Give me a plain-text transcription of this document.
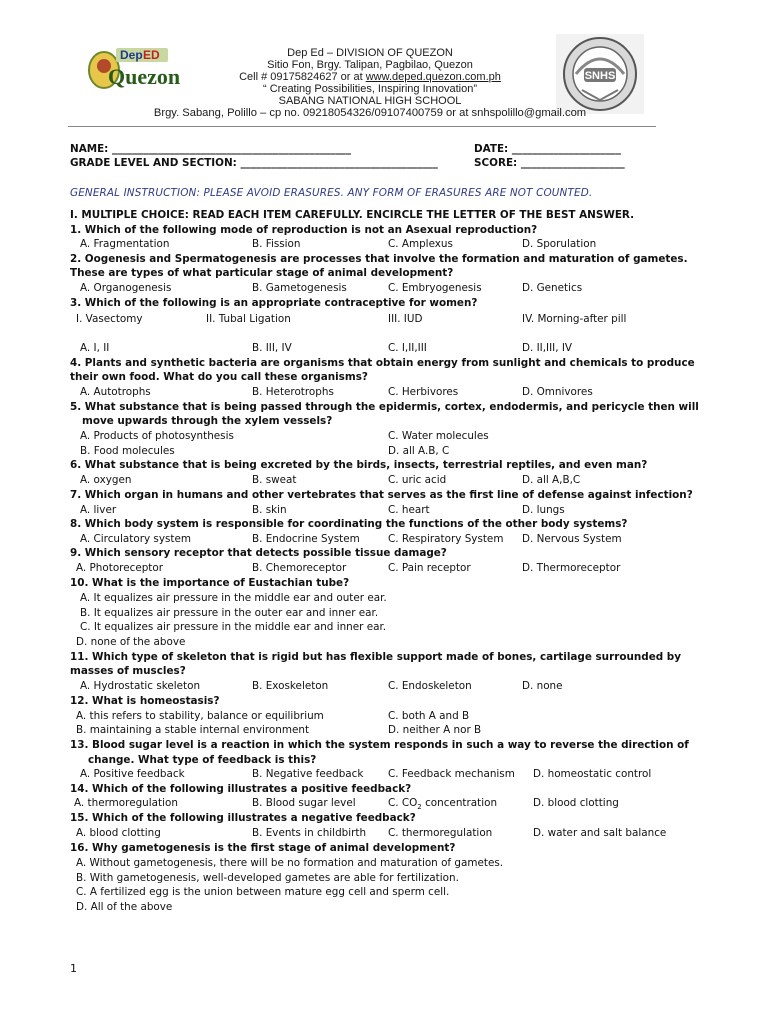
Dep ED
Quezon	SNHS
Dep Ed – DIVISION OF QUEZON
Sitio Fon, Brgy. Talipan, Pagbilao, Quezon
Cell # 09175824627 or at www.deped.quezon.com.ph
“ Creating Possibilities, Inspiring Innovation”
SABANG NATIONAL HIGH SCHOOL
Brgy. Sabang, Polillo – cp no. 09218054326/09107400759 or at snhspolillo@gmail.com
NAME: ______________________________________________	DATE: _____________________
GRADE LEVEL AND SECTION: ______________________________________	SCORE: ____________________
GENERAL INSTRUCTION: PLEASE AVOID ERASURES. ANY FORM OF ERASURES ARE NOT COUNTED.
I. MULTIPLE CHOICE: READ EACH ITEM CAREFULLY. ENCIRCLE THE LETTER OF THE BEST ANSWER.
1. Which of the following mode of reproduction is not an Asexual reproduction?
A. Fragmentation	B. Fission	C. Amplexus	D. Sporulation
2. Oogenesis and Spermatogenesis are processes that involve the formation and maturation of gametes.
These are types of what particular stage of animal development?
A. Organogenesis	B. Gametogenesis	C. Embryogenesis	D. Genetics
3. Which of the following is an appropriate contraceptive for women?
I. Vasectomy	II. Tubal Ligation	III. IUD	IV. Morning-after pill
A. I, II	B. III, IV	C. I,II,III	D. II,III, IV
4. Plants and synthetic bacteria are organisms that obtain energy from sunlight and chemicals to produce
their own food. What do you call these organisms?
A. Autotrophs	B. Heterotrophs	C. Herbivores	D. Omnivores
5. What substance that is being passed through the epidermis, cortex, endodermis, and pericycle then will
move upwards through the xylem vessels?
A. Products of photosynthesis	C. Water molecules
B. Food molecules	D. all A.B, C
6. What substance that is being excreted by the birds, insects, terrestrial reptiles, and even man?
A. oxygen	B. sweat	C. uric acid	D. all A,B,C
7. Which organ in humans and other vertebrates that serves as the first line of defense against infection?
A. liver	B. skin	C. heart	D. lungs
8. Which body system is responsible for coordinating the functions of the other body systems?
A. Circulatory system	B. Endocrine System	C. Respiratory System D. Nervous System
9. Which sensory receptor that detects possible tissue damage?
A. Photoreceptor	B. Chemoreceptor	C. Pain receptor	D. Thermoreceptor
10. What is the importance of Eustachian tube?
A. It equalizes air pressure in the middle ear and outer ear.
B. It equalizes air pressure in the outer ear and inner ear.
C. It equalizes air pressure in the middle ear and inner ear.
D. none of the above
11. Which type of skeleton that is rigid but has flexible support made of bones, cartilage surrounded by
masses of muscles?
A. Hydrostatic skeleton	B. Exoskeleton	C. Endoskeleton	D. none
12. What is homeostasis?
A. this refers to stability, balance or equilibrium	C. both A and B
B. maintaining a stable internal environment	D. neither A nor B
13. Blood sugar level is a reaction in which the system responds in such a way to reverse the direction of
change. What type of feedback is this?
A. Positive feedback	B. Negative feedback C. Feedback mechanism D. homeostatic control
14. Which of the following illustrates a positive feedback?
A. thermoregulation	B. Blood sugar level	C. $CO_2$ concentration	D. blood clotting
15. Which of the following illustrates a negative feedback?
A. blood clotting	B. Events in childbirth C. thermoregulation	D. water and salt balance
16. Why gametogenesis is the first stage of animal development?
A. Without gametogenesis, there will be no formation and maturation of gametes.
B. With gametogenesis, well-developed gametes are able for fertilization.
C. A fertilized egg is the union between mature egg cell and sperm cell.
D. All of the above
1
